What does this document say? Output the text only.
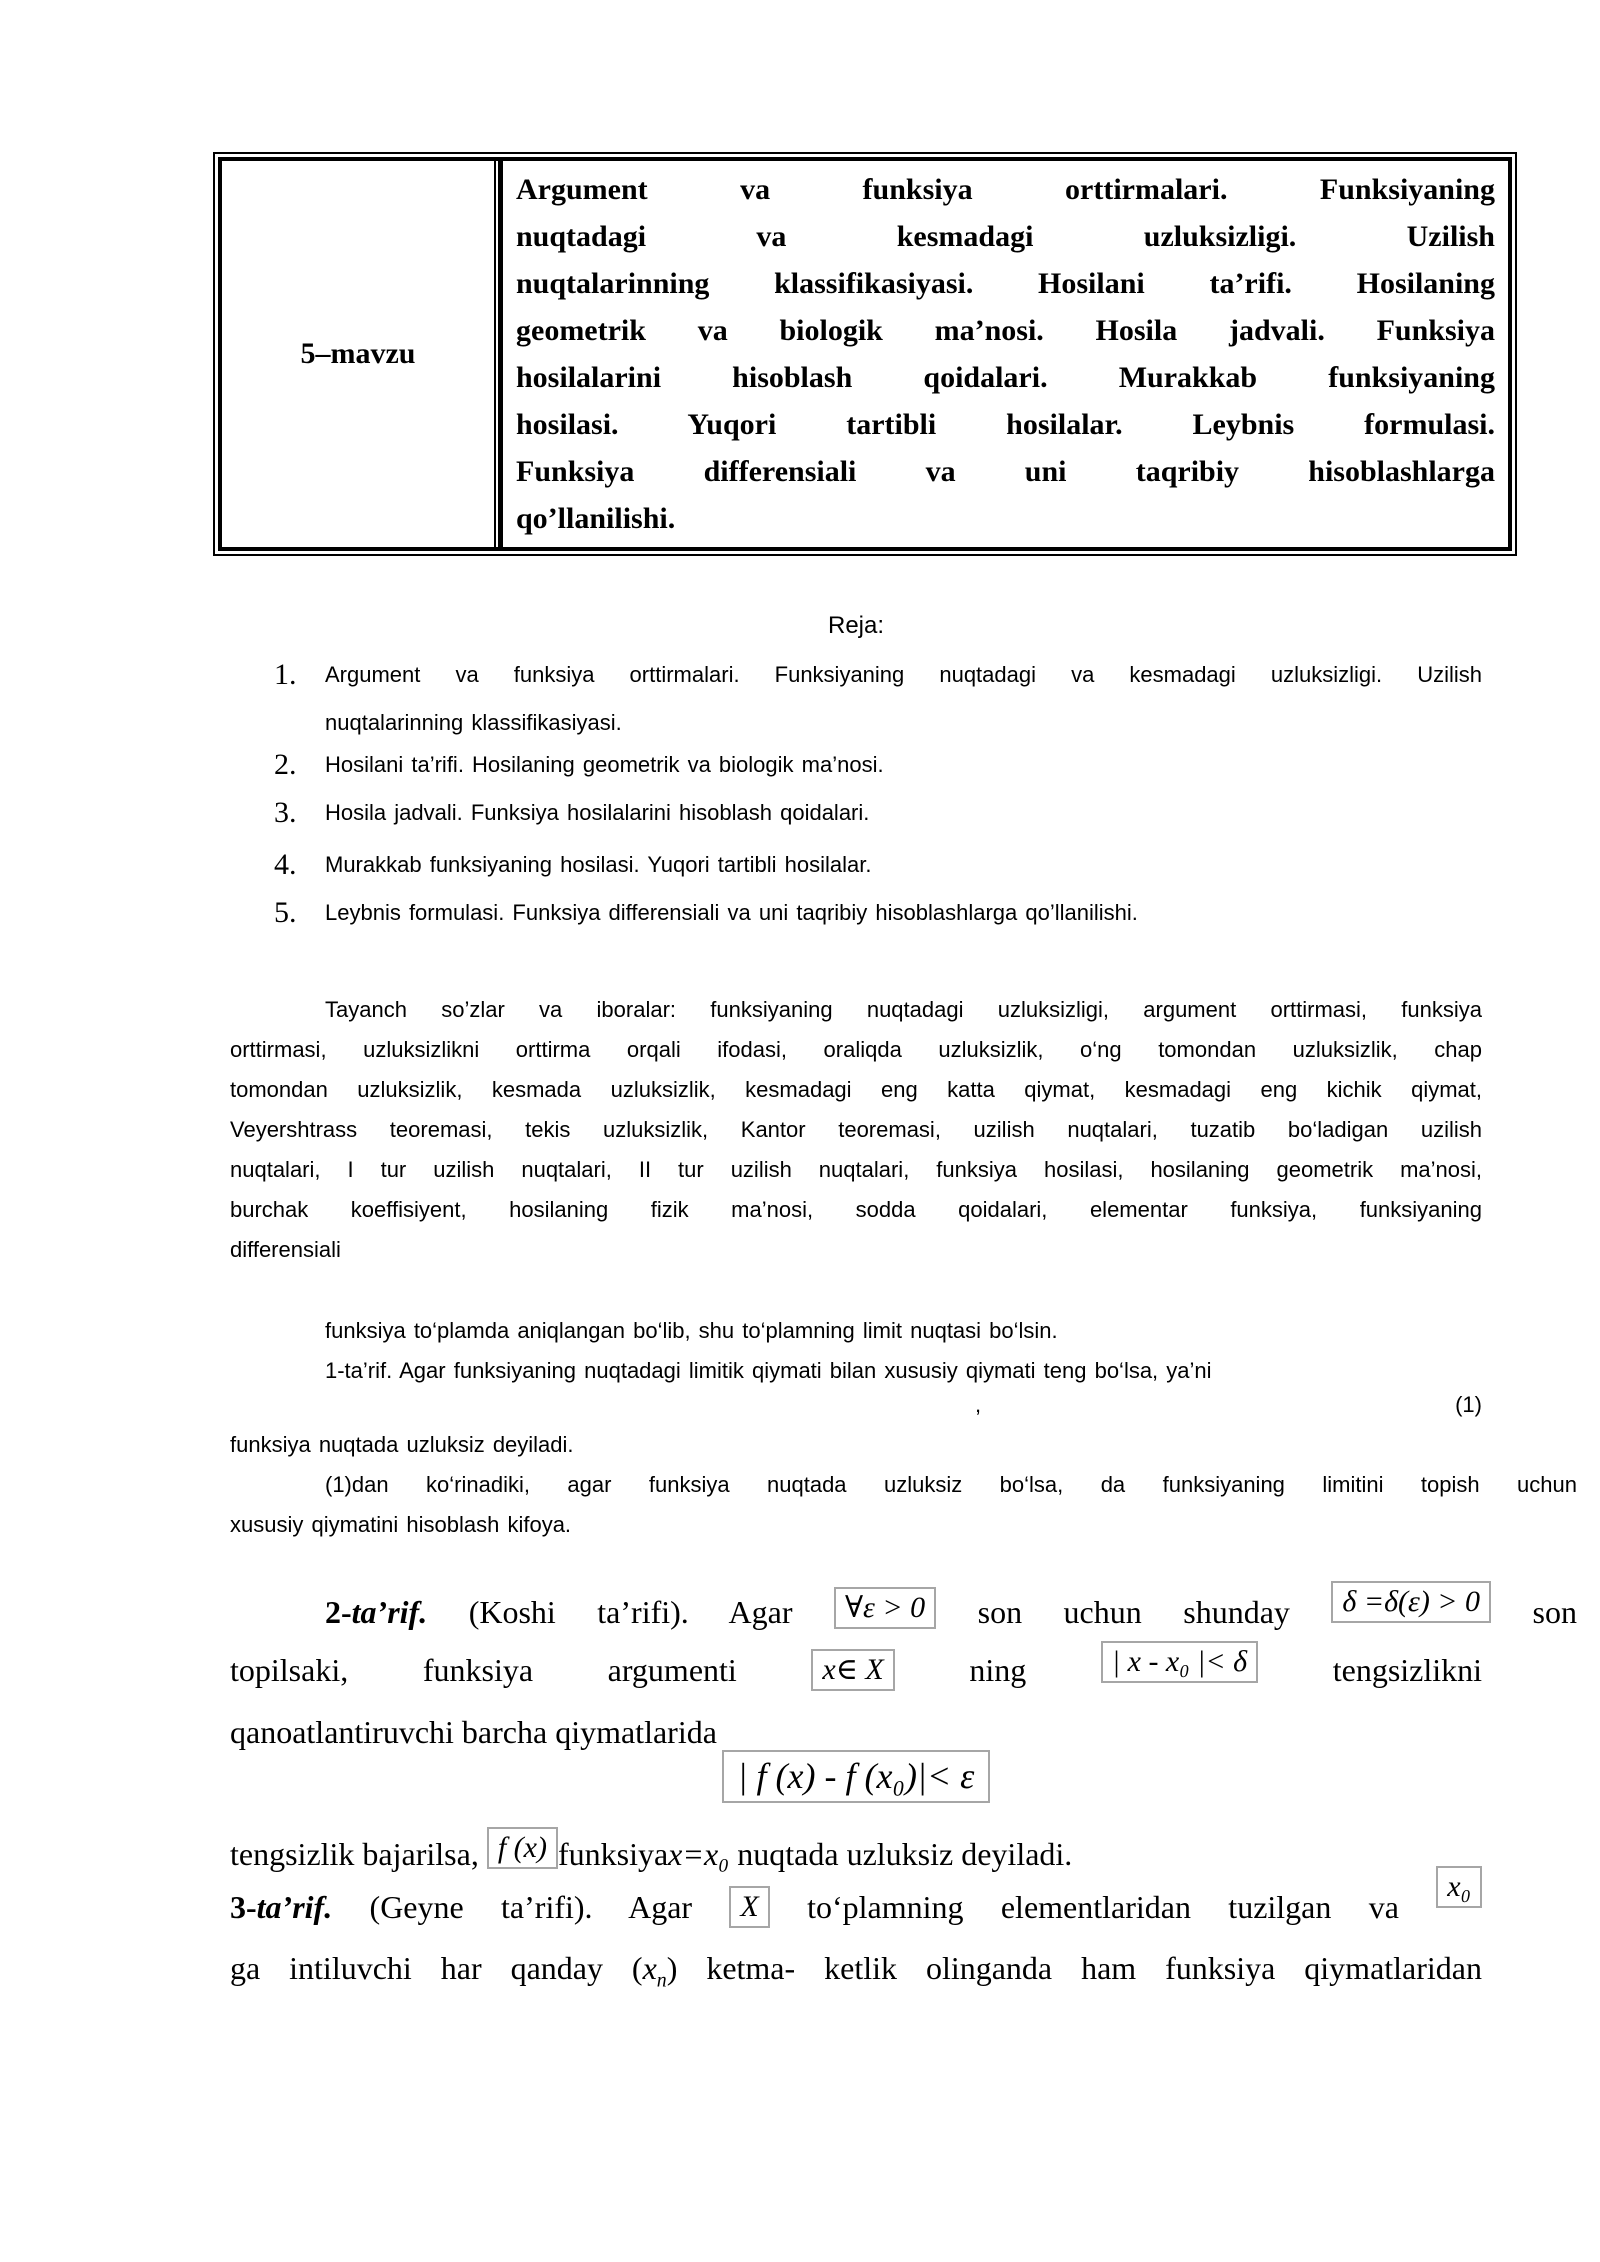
5–mavzu
Argument va funksiya orttirmalari. Funksiyaning
nuqtadagi va kesmadagi uzluksizligi. Uzilish
nuqtalarinning klassifikasiyasi. Hosilani ta’rifi. Hosilaning
geometrik va biologik ma’nosi. Hosila jadvali. Funksiya
hosilalarini hisoblash qoidalari. Murakkab funksiyaning
hosilasi. Yuqori tartibli hosilalar. Leybnis formulasi.
Funksiya differensiali va uni taqribiy hisoblashlarga
qo’llanilishi.
Reja:
1. Argument va funksiya orttirmalari. Funksiyaning nuqtadagi va kesmadagi uzluksizligi. Uzilish
nuqtalarinning klassifikasiyasi.
2. Hosilani ta’rifi. Hosilaning geometrik va biologik ma’nosi.
3. Hosila jadvali. Funksiya hosilalarini hisoblash qoidalari.
4. Murakkab funksiyaning hosilasi. Yuqori tartibli hosilalar.
5. Leybnis formulasi. Funksiya differensiali va uni taqribiy hisoblashlarga qo’llanilishi.
Tayanch so’zlar va iboralar: funksiyaning nuqtadagi uzluksizligi, argument orttirmasi, funksiya
orttirmasi, uzluksizlikni orttirma orqali ifodasi, oraliqda uzluksizlik, o‘ng tomondan uzluksizlik, chap
tomondan uzluksizlik, kesmada uzluksizlik, kesmadagi eng katta qiymat, kesmadagi eng kichik qiymat,
Veyershtrass teoremasi, tekis uzluksizlik, Kantor teoremasi, uzilish nuqtalari, tuzatib bo‘ladigan uzilish
nuqtalari, I tur uzilish nuqtalari, II tur uzilish nuqtalari, funksiya hosilasi, hosilaning geometrik ma’nosi,
burchak koeffisiyent, hosilaning fizik ma’nosi, sodda qoidalari, elementar funksiya, funksiyaning
differensiali
funksiya to‘plamda aniqlangan bo‘lib, shu to‘plamning limit nuqtasi bo‘lsin.
1-ta’rif. Agar funksiyaning nuqtadagi limitik qiymati bilan xususiy qiymati teng bo‘lsa, ya’ni
,	(1)
funksiya nuqtada uzluksiz deyiladi.
(1)dan ko‘rinadiki, agar funksiya nuqtada uzluksiz bo‘lsa, da funksiyaning limitini topish uchun
xususiy qiymatini hisoblash kifoya.
2-ta’rif. (Koshi ta’rifi). Agar ∀ε > 0 son uchun shunday δ =δ(ε) > 0 son
topilsaki, funksiya argumenti	x∈ X	ning	| x - x₀ |< δ	tengsizlikni
qanoatlantiruvchi barcha qiymatlarida
| f (x) - f (x₀)|< ε
tengsizlik bajarilsa, f (x) funksiyax=x₀ nuqtada uzluksiz deyiladi.
3-ta’rif. (Geyne ta’rifi). Agar X to‘plamning elementlaridan tuzilgan va x₀
ga intiluvchi har qanday $(x_n)$ ketma- ketlik olinganda ham funksiya qiymatlaridan
